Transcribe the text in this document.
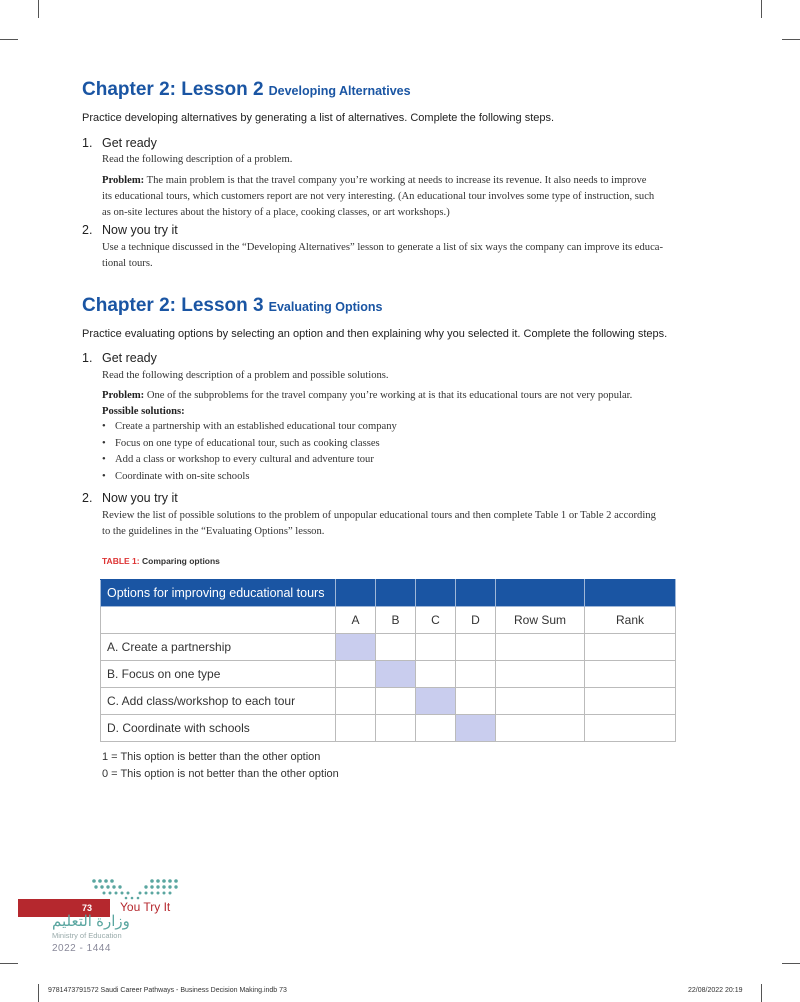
Chapter 2: Lesson 2 Developing Alternatives
Practice developing alternatives by generating a list of alternatives. Complete the following steps.
1. Get ready
Read the following description of a problem.
Problem: The main problem is that the travel company you’re working at needs to increase its revenue. It also needs to improve
its educational tours, which customers report are not very interesting. (An educational tour involves some type of instruction, such
as on-site lectures about the history of a place, cooking classes, or art workshops.)
2. Now you try it
Use a technique discussed in the “Developing Alternatives” lesson to generate a list of six ways the company can improve its educa-
tional tours.
Chapter 2: Lesson 3 Evaluating Options
Practice evaluating options by selecting an option and then explaining why you selected it. Complete the following steps.
1. Get ready
Read the following description of a problem and possible solutions.
Problem: One of the subproblems for the travel company you’re working at is that its educational tours are not very popular.
Possible solutions:
• Create a partnership with an established educational tour company
• Focus on one type of educational tour, such as cooking classes
• Add a class or workshop to every cultural and adventure tour
• Coordinate with on-site schools
2. Now you try it
Review the list of possible solutions to the problem of unpopular educational tours and then complete Table 1 or Table 2 according
to the guidelines in the “Evaluating Options” lesson.
TABLE 1: Comparing options
Options for improving educational tours						
	A	B	C	D	Row Sum	Rank
A. Create a partnership						
B. Focus on one type						
C. Add class/workshop to each tour						
D. Coordinate with schools						
1 = This option is better than the other option
0 = This option is not better than the other option
73 You Try It
وزارة التعليم
Ministry of Education
2022 - 1444
9781473791572 Saudi Career Pathways - Business Decision Making.indb 73	22/08/2022 20:19
